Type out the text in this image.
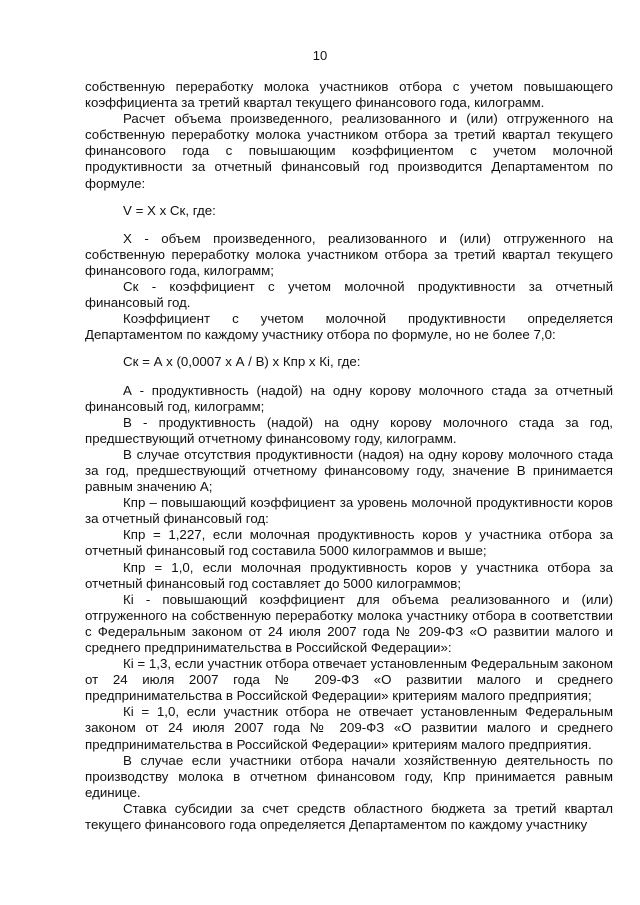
10

собственную переработку молока участников отбора с учетом повышающего коэффициента за третий квартал текущего финансового года, килограмм.

Расчет объема произведенного, реализованного и (или) отгруженного на собственную переработку молока участником отбора за третий квартал текущего финансового года с повышающим коэффициентом с учетом молочной продуктивности за отчетный финансовый год производится Департаментом по формуле:

V = X x Ск, где:

X - объем произведенного, реализованного и (или) отгруженного на собственную переработку молока участником отбора за третий квартал текущего финансового года, килограмм;

Ск - коэффициент с учетом молочной продуктивности за отчетный финансовый год.

Коэффициент с учетом молочной продуктивности определяется Департаментом по каждому участнику отбора по формуле, но не более 7,0:

Ск = А x (0,0007 x А / В) x Кпр x Кі, где:

А - продуктивность (надой) на одну корову молочного стада за отчетный финансовый год, килограмм;

В - продуктивность (надой) на одну корову молочного стада за год, предшествующий отчетному финансовому году, килограмм.

В случае отсутствия продуктивности (надоя) на одну корову молочного стада за год, предшествующий отчетному финансовому году, значение В принимается равным значению А;

Кпр – повышающий коэффициент за уровень молочной продуктивности коров за отчетный финансовый год:

Кпр = 1,227, если молочная продуктивность коров у участника отбора за отчетный финансовый год составила 5000 килограммов и выше;

Кпр = 1,0, если молочная продуктивность коров у участника отбора за отчетный финансовый год составляет до 5000 килограммов;

Кі - повышающий коэффициент для объема реализованного и (или) отгруженного на собственную переработку молока участнику отбора в соответствии с Федеральным законом от 24 июля 2007 года № 209-ФЗ «О развитии малого и среднего предпринимательства в Российской Федерации»:

Кі = 1,3, если участник отбора отвечает установленным Федеральным законом от 24 июля 2007 года № 209-ФЗ «О развитии малого и среднего предпринимательства в Российской Федерации» критериям малого предприятия;

Кі = 1,0, если участник отбора не отвечает установленным Федеральным законом от 24 июля 2007 года № 209-ФЗ «О развитии малого и среднего предпринимательства в Российской Федерации» критериям малого предприятия.

В случае если участники отбора начали хозяйственную деятельность по производству молока в отчетном финансовом году, Кпр принимается равным единице.

Ставка субсидии за счет средств областного бюджета за третий квартал текущего финансового года определяется Департаментом по каждому участнику
